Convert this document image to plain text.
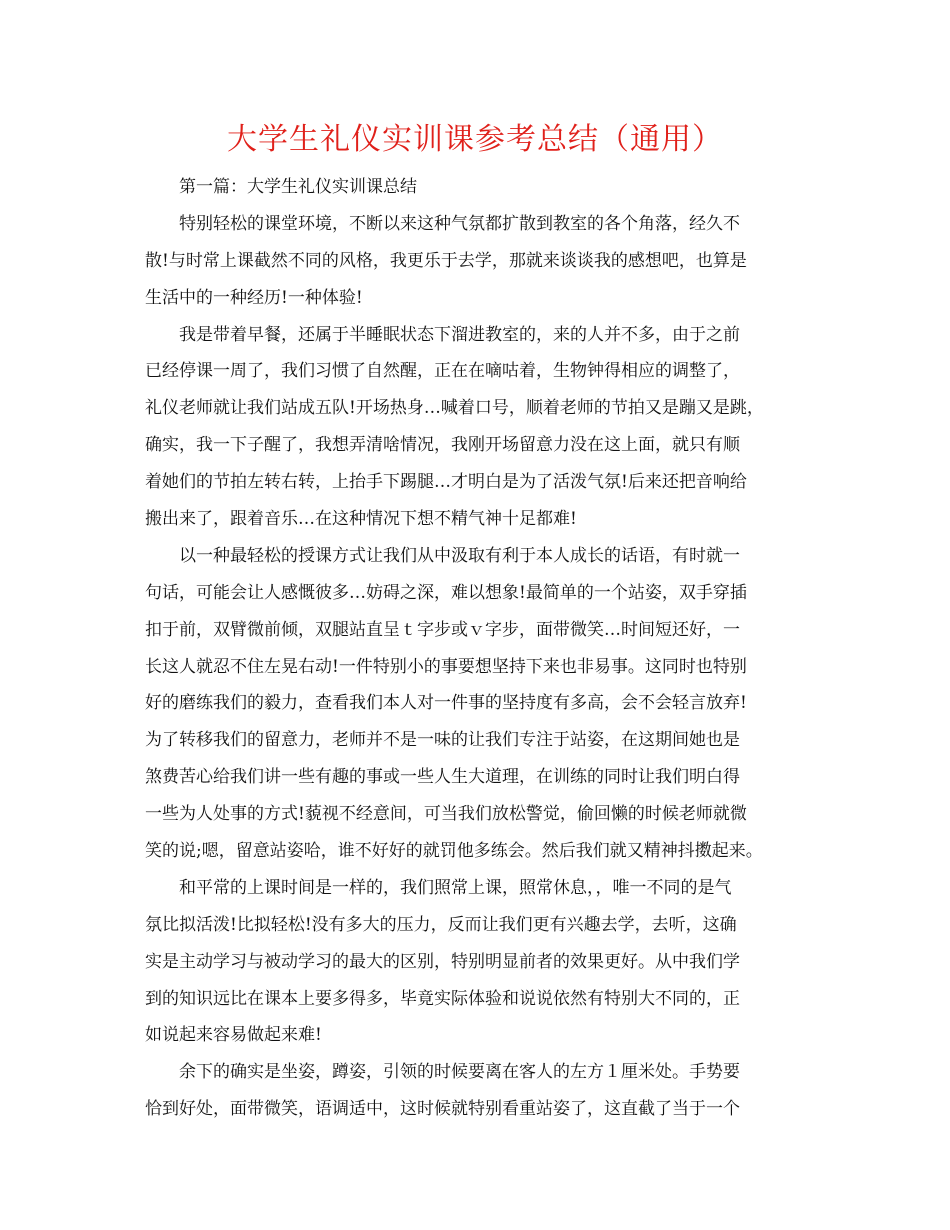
大学生礼仪实训课参考总结（通用）
第一篇：大学生礼仪实训课总结
特别轻松的课堂环境，不断以来这种气氛都扩散到教室的各个角落，经久不
散!与时常上课截然不同的风格，我更乐于去学，那就来谈谈我的感想吧，也算是
生活中的一种经历!一种体验!
我是带着早餐，还属于半睡眠状态下溜进教室的，来的人并不多，由于之前
已经停课一周了，我们习惯了自然醒，正在在嘀咕着，生物钟得相应的调整了，
礼仪老师就让我们站成五队!开场热身…喊着口号，顺着老师的节拍又是蹦又是跳，
确实，我一下子醒了，我想弄清啥情况，我刚开场留意力没在这上面，就只有顺
着她们的节拍左转右转，上抬手下踢腿…才明白是为了活泼气氛!后来还把音响给
搬出来了，跟着音乐…在这种情况下想不精气神十足都难!
以一种最轻松的授课方式让我们从中汲取有利于本人成长的话语，有时就一
句话，可能会让人感慨彼多…妨碍之深，难以想象!最简单的一个站姿，双手穿插
扣于前，双臂微前倾，双腿站直呈ｔ字步或ｖ字步，面带微笑…时间短还好，一
长这人就忍不住左晃右动!一件特别小的事要想坚持下来也非易事。这同时也特别
好的磨练我们的毅力，查看我们本人对一件事的坚持度有多高，会不会轻言放弃!
为了转移我们的留意力，老师并不是一味的让我们专注于站姿，在这期间她也是
煞费苦心给我们讲一些有趣的事或一些人生大道理，在训练的同时让我们明白得
一些为人处事的方式!藐视不经意间，可当我们放松警觉，偷回懒的时候老师就微
笑的说;嗯，留意站姿哈，谁不好好的就罚他多练会。然后我们就又精神抖擞起来。
和平常的上课时间是一样的，我们照常上课，照常休息，，唯一不同的是气
氛比拟活泼!比拟轻松!没有多大的压力，反而让我们更有兴趣去学，去听，这确
实是主动学习与被动学习的最大的区别，特别明显前者的效果更好。从中我们学
到的知识远比在课本上要多得多，毕竟实际体验和说说依然有特别大不同的，正
如说起来容易做起来难!
余下的确实是坐姿，蹲姿，引领的时候要离在客人的左方１厘米处。手势要
恰到好处，面带微笑，语调适中，这时候就特别看重站姿了，这直截了当于一个
